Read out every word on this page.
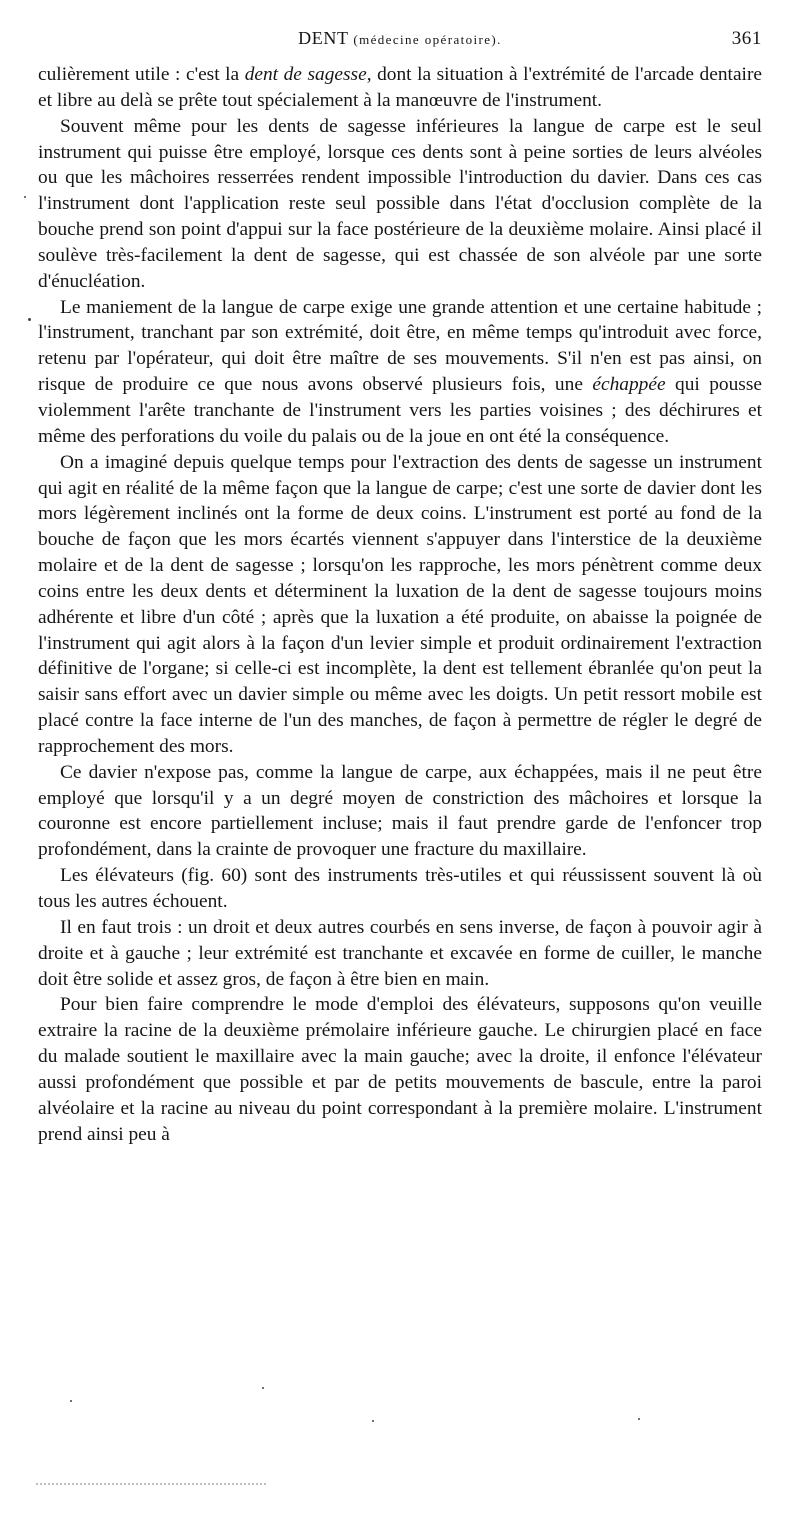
DENT (médecine opératoire).	361

culièrement utile : c'est la dent de sagesse, dont la situation à l'extrémité de l'arcade dentaire et libre au delà se prête tout spécialement à la manœuvre de l'instrument.

Souvent même pour les dents de sagesse inférieures la langue de carpe est le seul instrument qui puisse être employé, lorsque ces dents sont à peine sorties de leurs alvéoles ou que les mâchoires resserrées rendent impossible l'introduction du davier. Dans ces cas l'instrument dont l'application reste seul possible dans l'état d'occlusion complète de la bouche prend son point d'appui sur la face postérieure de la deuxième molaire. Ainsi placé il soulève très-facilement la dent de sagesse, qui est chassée de son alvéole par une sorte d'énucléation.

Le maniement de la langue de carpe exige une grande attention et une certaine habitude ; l'instrument, tranchant par son extrémité, doit être, en même temps qu'introduit avec force, retenu par l'opérateur, qui doit être maître de ses mouvements. S'il n'en est pas ainsi, on risque de produire ce que nous avons observé plusieurs fois, une échappée qui pousse violemment l'arête tranchante de l'instrument vers les parties voisines ; des déchirures et même des perforations du voile du palais ou de la joue en ont été la conséquence.

On a imaginé depuis quelque temps pour l'extraction des dents de sagesse un instrument qui agit en réalité de la même façon que la langue de carpe; c'est une sorte de davier dont les mors légèrement inclinés ont la forme de deux coins. L'instrument est porté au fond de la bouche de façon que les mors écartés viennent s'appuyer dans l'interstice de la deuxième molaire et de la dent de sagesse ; lorsqu'on les rapproche, les mors pénètrent comme deux coins entre les deux dents et déterminent la luxation de la dent de sagesse toujours moins adhérente et libre d'un côté ; après que la luxation a été produite, on abaisse la poignée de l'instrument qui agit alors à la façon d'un levier simple et produit ordinairement l'extraction définitive de l'organe; si celle-ci est incomplète, la dent est tellement ébranlée qu'on peut la saisir sans effort avec un davier simple ou même avec les doigts. Un petit ressort mobile est placé contre la face interne de l'un des manches, de façon à permettre de régler le degré de rapprochement des mors.

Ce davier n'expose pas, comme la langue de carpe, aux échappées, mais il ne peut être employé que lorsqu'il y a un degré moyen de constriction des mâchoires et lorsque la couronne est encore partiellement incluse; mais il faut prendre garde de l'enfoncer trop profondément, dans la crainte de provoquer une fracture du maxillaire.

Les élévateurs (fig. 60) sont des instruments très-utiles et qui réussissent souvent là où tous les autres échouent.

Il en faut trois : un droit et deux autres courbés en sens inverse, de façon à pouvoir agir à droite et à gauche ; leur extrémité est tranchante et excavée en forme de cuiller, le manche doit être solide et assez gros, de façon à être bien en main.

Pour bien faire comprendre le mode d'emploi des élévateurs, supposons qu'on veuille extraire la racine de la deuxième prémolaire inférieure gauche. Le chirurgien placé en face du malade soutient le maxillaire avec la main gauche; avec la droite, il enfonce l'élévateur aussi profondément que possible et par de petits mouvements de bascule, entre la paroi alvéolaire et la racine au niveau du point correspondant à la première molaire. L'instrument prend ainsi peu à
